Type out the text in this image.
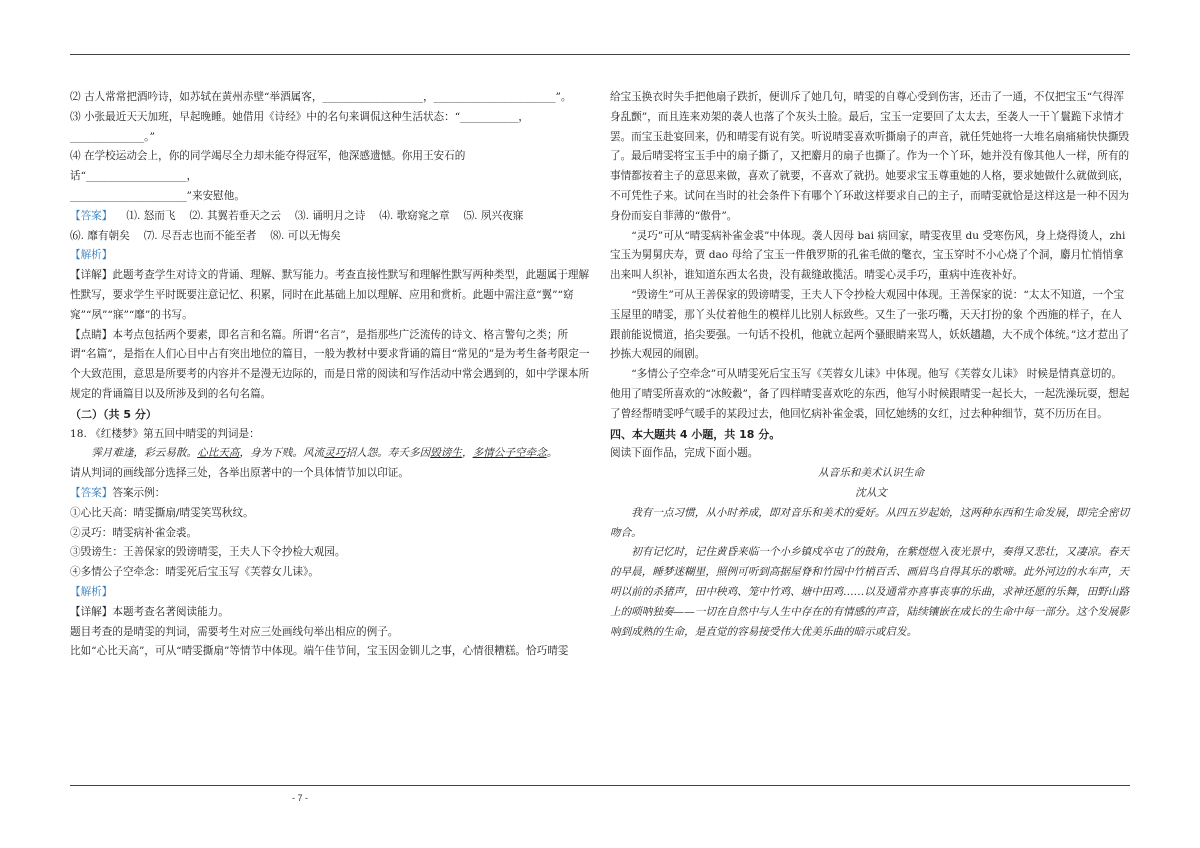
⑵ 古人常常把酒吟诗，如苏轼在黄州赤壁“举酒属客，___________________，_______________________”。

⑶ 小张最近天天加班，早起晚睡。她借用《诗经》中的名句来调侃这种生活状态：“___________，

______________。”

⑷ 在学校运动会上，你的同学竭尽全力却未能夺得冠军，他深感遗憾。你用王安石的话“___________________，

______________________”来安慰他。

【答案】 ⑴. 怒而飞 ⑵. 其翼若垂天之云 ⑶. 诵明月之诗 ⑷. 歌窈窕之章 ⑸. 夙兴夜寐
⑹. 靡有朝矣 ⑺. 尽吾志也而不能至者 ⑻. 可以无悔矣

【解析】

【详解】此题考查学生对诗文的背诵、理解、默写能力。考查直接性默写和理解性默写两种类型，此题属于理解性默写，要求学生平时既要注意记忆、积累，同时在此基础上加以理解、应用和赏析。此题中需注意“翼”“窈窕”“夙”“寐”“靡”的书写。

【点睛】本考点包括两个要素，即名言和名篇。所谓“名言”，是指那些广泛流传的诗文、格言警句之类；所谓“名篇”，是指在人们心目中占有突出地位的篇目，一般为教材中要求背诵的篇目“常见的”是为考生备考限定一个大致范围，意思是所要考的内容并不是漫无边际的，而是日常的阅读和写作活动中常会遇到的，如中学课本所规定的背诵篇目以及所涉及到的名句名篇。

（二）（共 5 分）

18. 《红楼梦》第五回中晴雯的判词是：

霁月难逢，彩云易散。心比天高，身为下贱。风流灵巧招人怨。寿夭多因毁谤生，多情公子空牵念。

请从判词的画线部分选择三处，各举出原著中的一个具体情节加以印证。

【答案】答案示例：

①心比天高：晴雯撕扇/晴雯笑骂秋纹。

②灵巧：晴雯病补雀金裘。

③毁谤生：王善保家的毁谤晴雯，王夫人下令抄检大观园。

④多情公子空牵念：晴雯死后宝玉写《芙蓉女儿诔》。

【解析】

【详解】本题考查名著阅读能力。

题目考查的是晴雯的判词，需要考生对应三处画线句举出相应的例子。

比如“心比天高”，可从“晴雯撕扇”等情节中体现。端午佳节间，宝玉因金钏儿之事，心情很糟糕。恰巧晴雯

给宝玉换衣时失手把他扇子跌折，便训斥了她几句，晴雯的自尊心受到伤害，还击了一通，不仅把宝玉“气得浑身乱颤”，而且连来劝架的袭人也落了个灰头土脸。最后，宝玉一定要回了太太去，至袭人一干丫鬟跪下求情才罢。而宝玉赴宴回来，仍和晴雯有说有笑。听说晴雯喜欢听撕扇子的声音，就任凭她将一大堆名扇痛痛快快撕毁了。最后晴雯将宝玉手中的扇子撕了，又把麝月的扇子也撕了。作为一个丫环，她并没有像其他人一样，所有的事情都按着主子的意思来做，喜欢了就要，不喜欢了就扔。她要求宝玉尊重她的人格，要求她做什么就做到底，不可凭性子来。试问在当时的社会条件下有哪个丫环敢这样要求自己的主子，而晴雯就恰是这样这是一种不因为身份而妄自菲薄的“傲骨”。

“灵巧”可从“晴雯病补雀金裘”中体现。袭人因母 bai 病回家，晴雯夜里 du 受寒伤风，身上烧得烫人，zhi 宝玉为舅舅庆寿，贾 dao 母给了宝玉一件俄罗斯的孔雀毛做的氅衣，宝玉穿时不小心烧了个洞，麝月忙悄悄拿出来叫人织补，谁知道东西太名贵，没有裁缝敢揽活。晴雯心灵手巧，重病中连夜补好。

“毁谤生”可从王善保家的毁谤晴雯，王夫人下令抄检大观园中体现。王善保家的说：“太太不知道，一个宝玉屋里的晴雯，那丫头仗着他生的模样儿比别人标致些。又生了一张巧嘴，天天打扮的象 个西施的样子，在人跟前能说惯道，掐尖要强。一句话不投机，他就立起两个骚眼睛来骂人，妖妖趫趫，大不成个体统。”这才惹出了抄拣大观园的闹剧。

“多情公子空牵念”可从晴雯死后宝玉写《芙蓉女儿诔》中体现。他写《芙蓉女儿诔》 时候是情真意切的。他用了晴雯所喜欢的“冰鲛縠”，备了四样晴雯喜欢吃的东西，他写小时候跟晴雯一起长大，一起洗澡玩耍，想起了曾经帮晴雯呼气暖手的某段过去，他回忆病补雀金裘，回忆她绣的女红，过去种种细节，莫不历历在目。

四、本大题共 4 小题，共 18 分。

阅读下面作品，完成下面小题。

从音乐和美术认识生命

沈从文

我有一点习惯，从小时养成，即对音乐和美术的爱好。从四五岁起始，这两种东西和生命发展，即完全密切吻合。

初有记忆时，记住黄昏来临一个小乡镇戍卒屯了的鼓角，在紫煜煜入夜光景中，奏得又悲壮，又凄凉。春天的早晨，睡梦迷糊里，照例可听到高据屋脊和竹园中竹梢百舌、画眉鸟自得其乐的歌啼。此外河边的水车声，天明以前的杀猪声，田中秧鸡、笼中竹鸡、塘中田鸡……以及通常亦喜事丧事的乐曲，求神还愿的乐舞，田野山路上的唢呐独奏——一切在自然中与人生中存在的有情感的声音，陆续镶嵌在成长的生命中每一部分。这个发展影响到成熟的生命，是直觉的容易接受伟大优美乐曲的暗示或启发。

- 7 -
